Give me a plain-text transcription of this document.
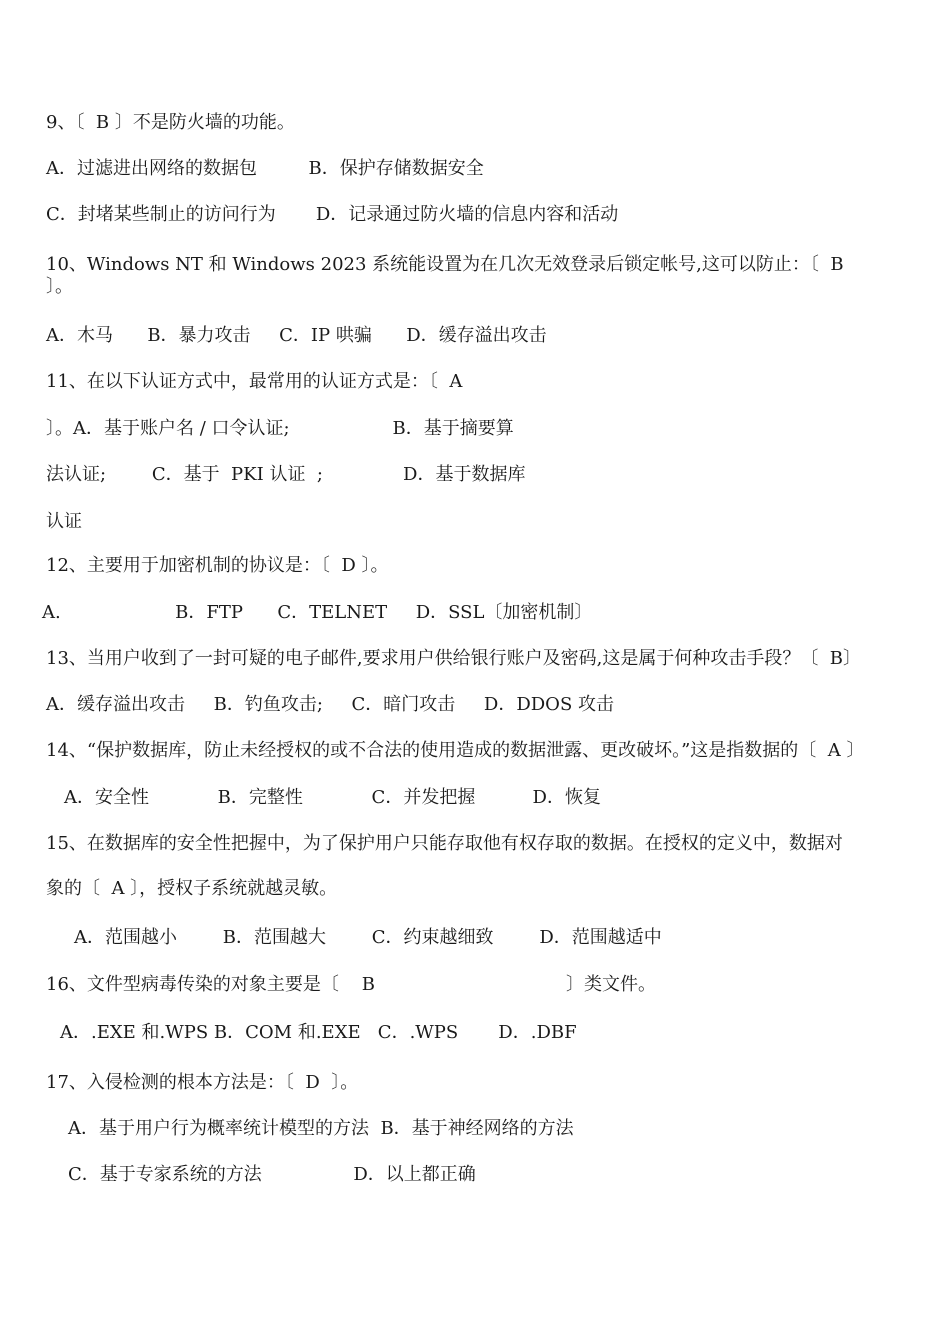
9、〔  B 〕不是防火墙的功能。
A．过滤进出网络的数据包         B．保护存储数据安全
C．封堵某些制止的访问行为       D．记录通过防火墙的信息内容和活动
10、Windows NT 和 Windows 2023 系统能设置为在几次无效登录后锁定帐号,这可以防止：〔  B
〕。
A．木马      B．暴力攻击     C．IP 哄骗      D．缓存溢出攻击
11、在以下认证方式中，最常用的认证方式是：〔  A
〕。A．基于账户名 / 口令认证;                  B．基于摘要算
法认证;        C．基于  PKI 认证  ;              D．基于数据库
认证
12、主要用于加密机制的协议是：〔  D 〕。
A.                    B．FTP      C．TELNET     D．SSL〔加密机制〕
13、当用户收到了一封可疑的电子邮件,要求用户供给银行账户及密码,这是属于何种攻击手段？〔  B〕
A．缓存溢出攻击     B．钓鱼攻击;     C．暗门攻击     D．DDOS 攻击
14、“保护数据库，防止未经授权的或不合法的使用造成的数据泄露、更改破坏。”这是指数据的〔  A 〕
A．安全性            B．完整性            C．并发把握          D．恢复
15、在数据库的安全性把握中，为了保护用户只能存取他有权存取的数据。在授权的定义中，数据对
象的〔  A 〕，授权子系统就越灵敏。
A．范围越小        B．范围越大        C．约束越细致        D．范围越适中
16、文件型病毒传染的对象主要是〔    B	〕类文件。
A．.EXE 和.WPS B．COM 和.EXE   C．.WPS       D．.DBF
17、入侵检测的根本方法是：〔  D  〕。
A．基于用户行为概率统计模型的方法  B．基于神经网络的方法
C．基于专家系统的方法                D．以上都正确
